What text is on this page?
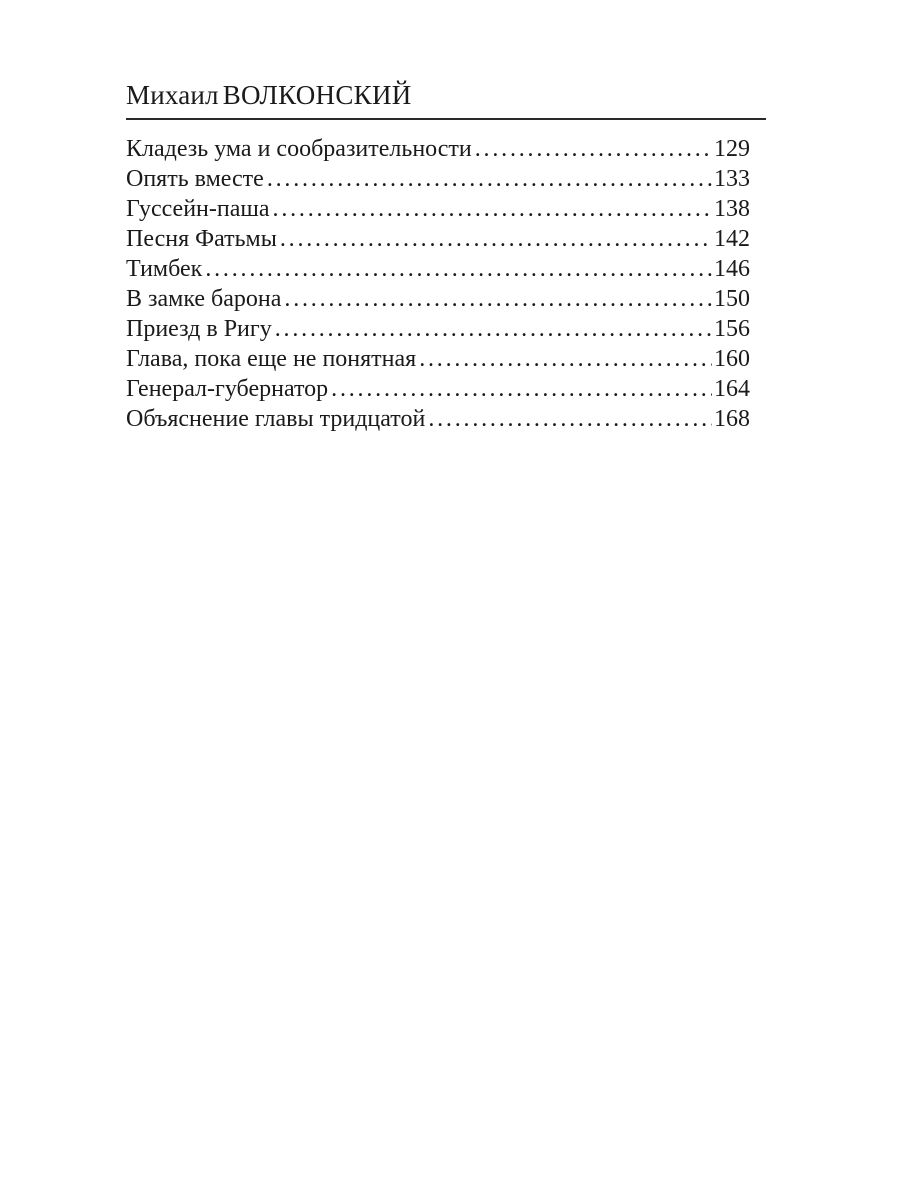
Михаил ВОЛКОНСКИЙ
Кладезь ума и сообразительности . . .	129
Опять вместе . . .	133
Гуссейн-паша . . .	138
Песня Фатьмы . . .	142
Тимбек . . .	146
В замке барона . . .	150
Приезд в Ригу . . .	156
Глава, пока еще не понятная . . .	160
Генерал-губернатор . . .	164
Объяснение главы тридцатой . . .	168
